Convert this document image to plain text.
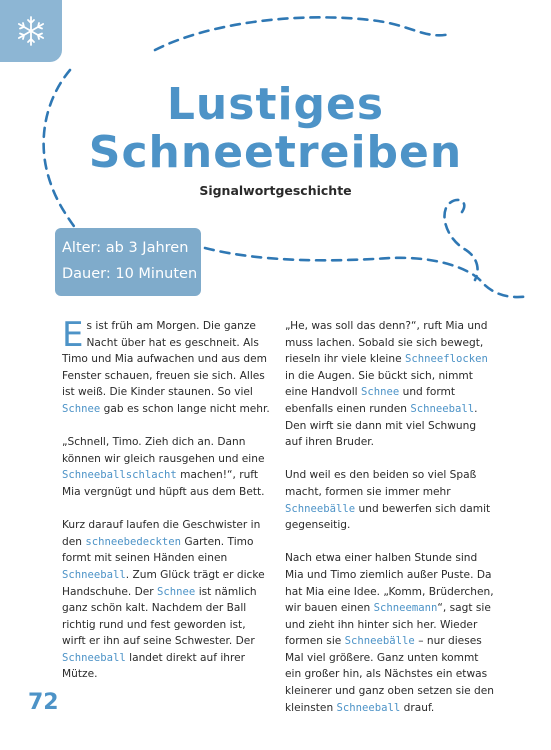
Lustiges
Schneetreiben
Signalwortgeschichte
Alter: ab 3 Jahren
Dauer: 10 Minuten

Es ist früh am Morgen. Die ganze Nacht über hat es geschneit. Als Timo und Mia aufwachen und aus dem Fenster schauen, freuen sie sich. Alles ist weiß. Die Kinder staunen. So viel Schnee gab es schon lange nicht mehr.

„Schnell, Timo. Zieh dich an. Dann können wir gleich rausgehen und eine Schneeballschlacht machen!“, ruft Mia vergnügt und hüpft aus dem Bett.

Kurz darauf laufen die Geschwister in den schneebedeckten Garten. Timo formt mit seinen Händen einen Schneeball. Zum Glück trägt er dicke Handschuhe. Der Schnee ist nämlich ganz schön kalt. Nachdem der Ball richtig rund und fest geworden ist, wirft er ihn auf seine Schwester. Der Schneeball landet direkt auf ihrer Mütze.

„He, was soll das denn?“, ruft Mia und muss lachen. Sobald sie sich bewegt, rieseln ihr viele kleine Schneeflocken in die Augen. Sie bückt sich, nimmt eine Handvoll Schnee und formt ebenfalls einen runden Schneeball. Den wirft sie dann mit viel Schwung auf ihren Bruder.

Und weil es den beiden so viel Spaß macht, formen sie immer mehr Schneebälle und bewerfen sich damit gegenseitig.

Nach etwa einer halben Stunde sind Mia und Timo ziemlich außer Puste. Da hat Mia eine Idee. „Komm, Brüderchen, wir bauen einen Schneemann“, sagt sie und zieht ihn hinter sich her. Wieder formen sie Schneebälle – nur dieses Mal viel größere. Ganz unten kommt ein großer hin, als Nächstes ein etwas kleinerer und ganz oben setzen sie den kleinsten Schneeball drauf.

72
